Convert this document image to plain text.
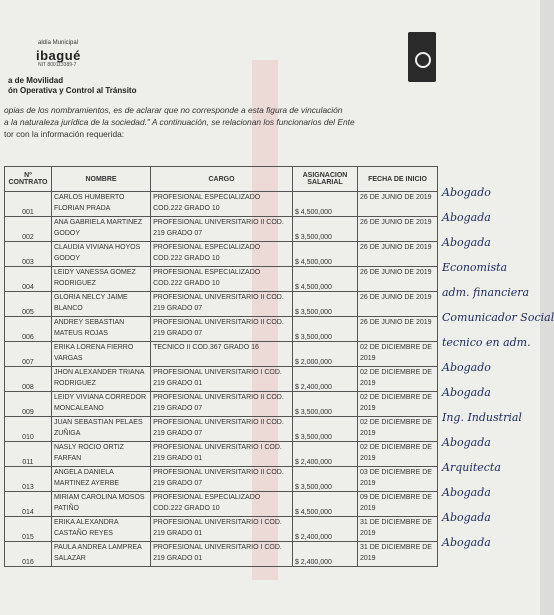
aldía Municipal
ibagué
NIT 800113389-7
a de Movilidad
ón Operativa y Control al Tránsito
opias de los nombramientos, es de aclarar que no corresponde a esta figura de vinculación
a la naturaleza jurídica de la sociedad." A continuación, se relacionan los funcionarios del Ente
tor con la información requerida:
Nº CONTRATO	NOMBRE	CARGO	ASIGNACION SALARIAL	FECHA DE INICIO
001	CARLOS HUMBERTO FLORIAN PRADA	PROFESIONAL ESPECIALIZADO COD.222 GRADO 10	$ 4,500,000	26 DE JUNIO DE 2019
002	ANA GABRIELA MARTINEZ GODOY	PROFESIONAL UNIVERSITARIO II COD. 219 GRADO 07	$ 3,500,000	26 DE JUNIO DE 2019
003	CLAUDIA VIVIANA HOYOS GODOY	PROFESIONAL ESPECIALIZADO COD.222 GRADO 10	$ 4,500,000	26 DE JUNIO DE 2019
004	LEIDY VANESSA GOMEZ RODRIGUEZ	PROFESIONAL ESPECIALIZADO COD.222 GRADO 10	$ 4,500,000	26 DE JUNIO DE 2019
005	GLORIA NELCY JAIME BLANCO	PROFESIONAL UNIVERSITARIO II COD. 219 GRADO 07	$ 3,500,000	26 DE JUNIO DE 2019
006	ANDREY SEBASTIAN MATEUS ROJAS	PROFESIONAL UNIVERSITARIO II COD. 219 GRADO 07	$ 3,500,000	26 DE JUNIO DE 2019
007	ERIKA LORENA FIERRO VARGAS	TECNICO II COD.367 GRADO 16	$ 2,000,000	02 DE DICIEMBRE DE 2019
008	JHON ALEXANDER TRIANA RODRIGUEZ	PROFESIONAL UNIVERSITARIO I COD. 219 GRADO 01	$ 2,400,000	02 DE DICIEMBRE DE 2019
009	LEIDY VIVIANA CORREDOR MONCALEANO	PROFESIONAL UNIVERSITARIO II COD. 219 GRADO 07	$ 3,500,000	02 DE DICIEMBRE DE 2019
010	JUAN SEBASTIAN PELAES ZUÑIGA	PROFESIONAL UNIVERSITARIO II COD. 219 GRADO 07	$ 3,500,000	02 DE DICIEMBRE DE 2019
011	NASLY ROCIO ORTIZ FARFAN	PROFESIONAL UNIVERSITARIO I COD. 219 GRADO 01	$ 2,400,000	02 DE DICIEMBRE DE 2019
013	ANGELA DANIELA MARTINEZ AYERBE	PROFESIONAL UNIVERSITARIO II COD. 219 GRADO 07	$ 3,500,000	03 DE DICIEMBRE DE 2019
014	MIRIAM CAROLINA MOSOS PATIÑO	PROFESIONAL ESPECIALIZADO COD.222 GRADO 10	$ 4,500,000	09 DE DICIEMBRE DE 2019
015	ERIKA ALEXANDRA CASTAÑO REYES	PROFESIONAL UNIVERSITARIO I COD. 219 GRADO 01	$ 2,400,000	31 DE DICIEMBRE DE 2019
016	PAULA ANDREA LAMPREA SALAZAR	PROFESIONAL UNIVERSITARIO I COD. 219 GRADO 01	$ 2,400,000	31 DE DICIEMBRE DE 2019
Abogado
Abogada
Abogada
Economista
adm. financiera
Comunicador Social
tecnico en adm.
Abogado
Abogada
Ing. Industrial
Abogada
Arquitecta
Abogada
Abogada
Abogada
